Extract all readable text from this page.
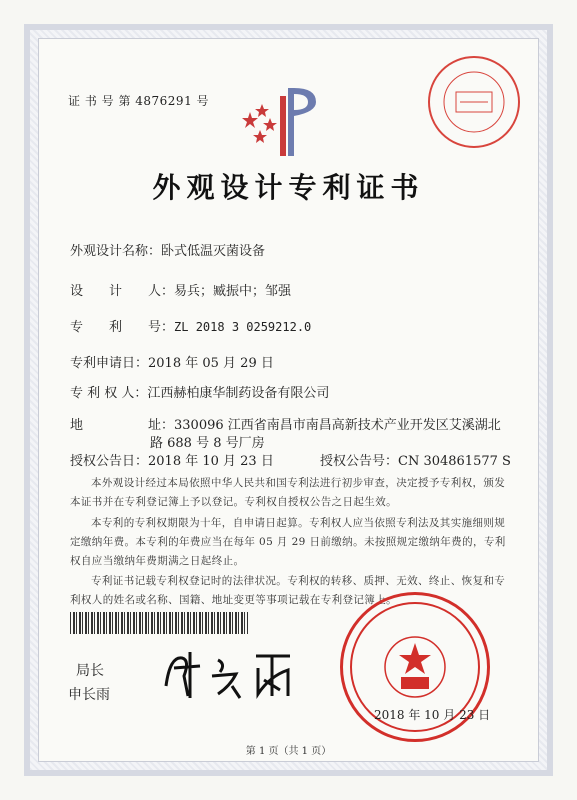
证 书 号 第 4876291 号
外观设计专利证书
外观设计名称：卧式低温灭菌设备
设　　计　　人：易兵；臧振中；邹强
专　　利　　号：ZL 2018 3 0259212.0
专利申请日：2018 年 05 月 29 日
专 利 权 人：江西赫柏康华制药设备有限公司
地　　　　　址：330096 江西省南昌市南昌高新技术产业开发区艾溪湖北
路 688 号 8 号厂房
授权公告日：2018 年 10 月 23 日	授权公告号：CN 304861577 S
本外观设计经过本局依照中华人民共和国专利法进行初步审查，决定授予专利权，颁发本证书并在专利登记簿上予以登记。专利权自授权公告之日起生效。
本专利的专利权期限为十年，自申请日起算。专利权人应当依照专利法及其实施细则规定缴纳年费。本专利的年费应当在每年 05 月 29 日前缴纳。未按照规定缴纳年费的，专利权自应当缴纳年费期满之日起终止。
专利证书记载专利权登记时的法律状况。专利权的转移、质押、无效、终止、恢复和专利权人的姓名或名称、国籍、地址变更等事项记载在专利登记簿上。
局长
申长雨
2018 年 10 月 23 日
第 1 页（共 1 页）
